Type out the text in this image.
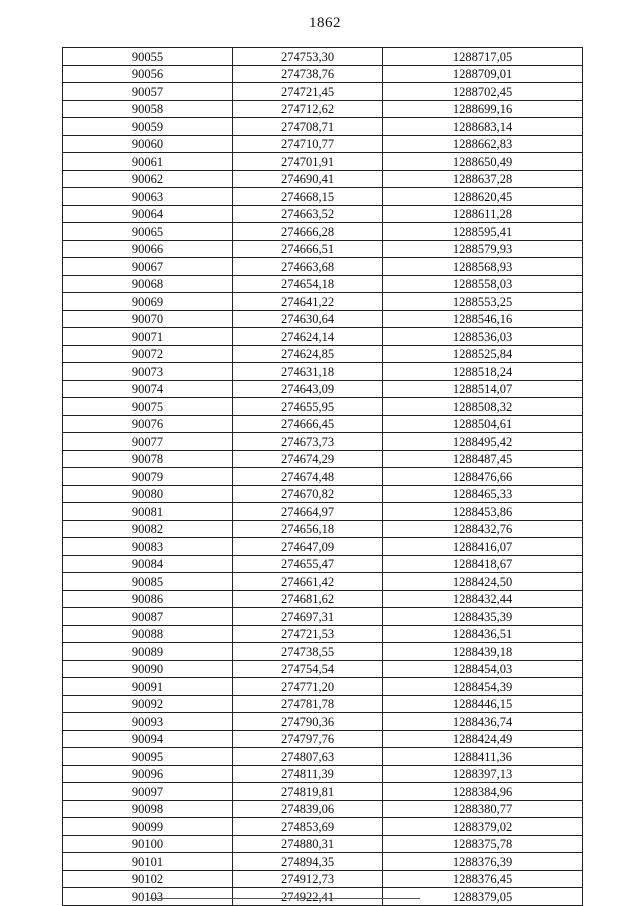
1862
90055	274753,30	1288717,05
90056	274738,76	1288709,01
90057	274721,45	1288702,45
90058	274712,62	1288699,16
90059	274708,71	1288683,14
90060	274710,77	1288662,83
90061	274701,91	1288650,49
90062	274690,41	1288637,28
90063	274668,15	1288620,45
90064	274663,52	1288611,28
90065	274666,28	1288595,41
90066	274666,51	1288579,93
90067	274663,68	1288568,93
90068	274654,18	1288558,03
90069	274641,22	1288553,25
90070	274630,64	1288546,16
90071	274624,14	1288536,03
90072	274624,85	1288525,84
90073	274631,18	1288518,24
90074	274643,09	1288514,07
90075	274655,95	1288508,32
90076	274666,45	1288504,61
90077	274673,73	1288495,42
90078	274674,29	1288487,45
90079	274674,48	1288476,66
90080	274670,82	1288465,33
90081	274664,97	1288453,86
90082	274656,18	1288432,76
90083	274647,09	1288416,07
90084	274655,47	1288418,67
90085	274661,42	1288424,50
90086	274681,62	1288432,44
90087	274697,31	1288435,39
90088	274721,53	1288436,51
90089	274738,55	1288439,18
90090	274754,54	1288454,03
90091	274771,20	1288454,39
90092	274781,78	1288446,15
90093	274790,36	1288436,74
90094	274797,76	1288424,49
90095	274807,63	1288411,36
90096	274811,39	1288397,13
90097	274819,81	1288384,96
90098	274839,06	1288380,77
90099	274853,69	1288379,02
90100	274880,31	1288375,78
90101	274894,35	1288376,39
90102	274912,73	1288376,45
90103	274922,41	1288379,05
